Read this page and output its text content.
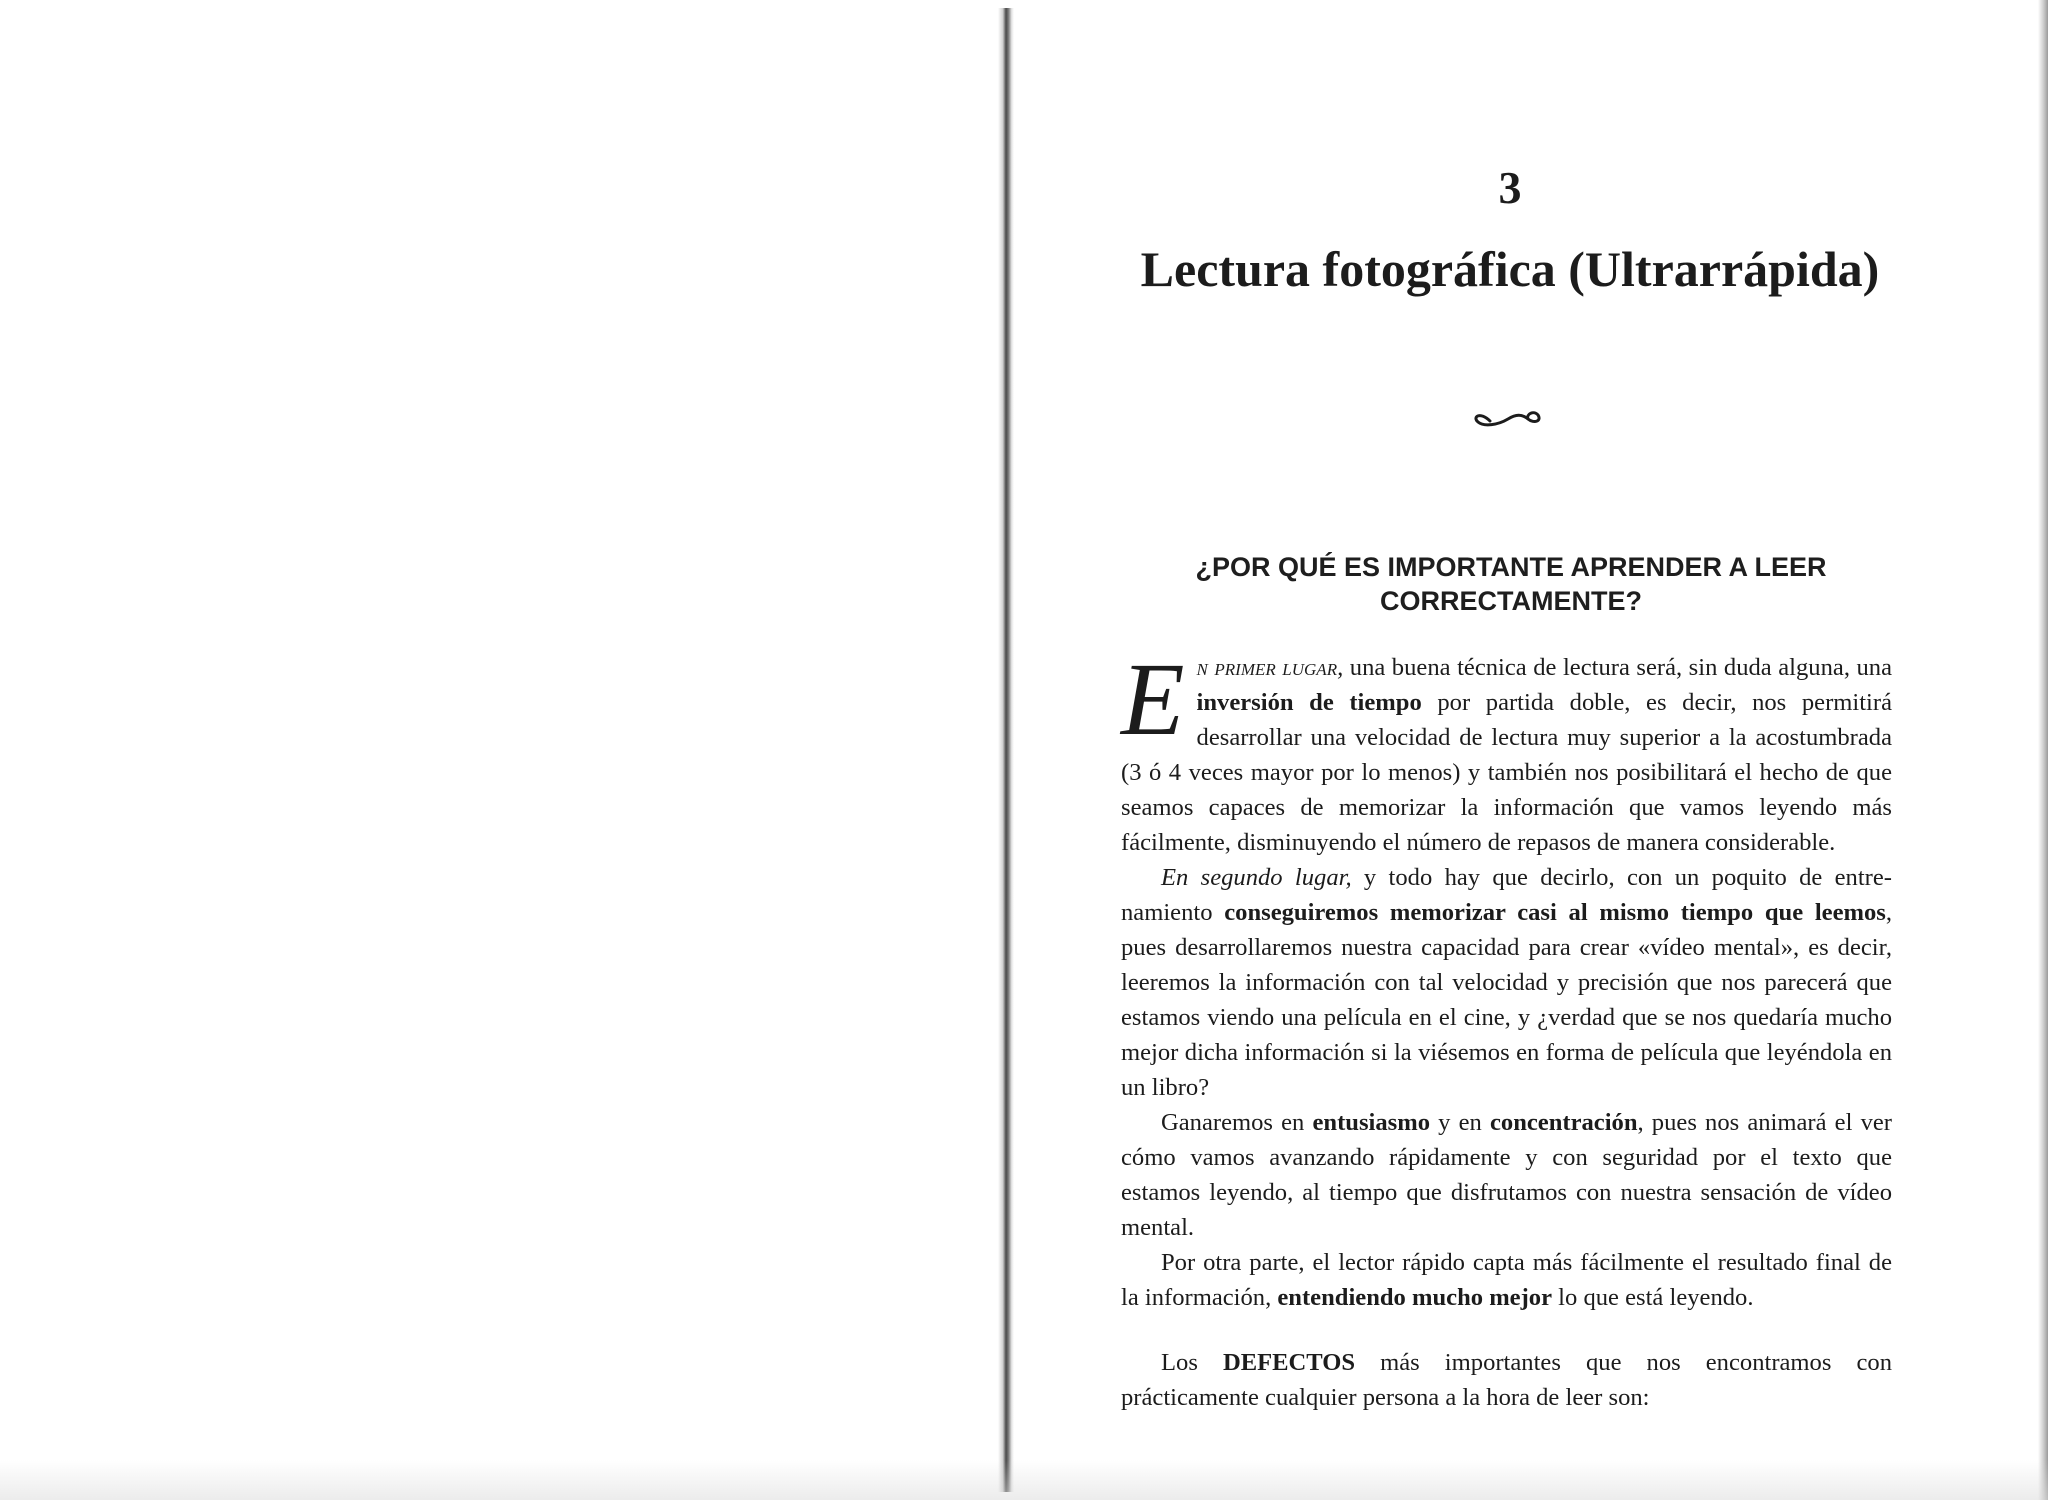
3
Lectura fotográfica (Ultrarrápida)
¿POR QUÉ ES IMPORTANTE APRENDER A LEER
CORRECTAMENTE?

En primer lugar, una buena técnica de lectura será, sin duda alguna, una inversión de tiempo por partida doble, es decir, nos permitirá desarrollar una velocidad de lectura muy superior a la acostumbrada (3 ó 4 veces mayor por lo menos) y también nos posibilitará el hecho de que seamos capaces de memorizar la información que vamos leyendo más fácilmente, disminuyendo el número de repasos de manera considerable.

En segundo lugar, y todo hay que decirlo, con un poquito de entrenamiento conseguiremos memorizar casi al mismo tiempo que leemos, pues desarrollaremos nuestra capacidad para crear «vídeo mental», es decir, leeremos la información con tal velocidad y precisión que nos parecerá que estamos viendo una película en el cine, y ¿verdad que se nos quedaría mucho mejor dicha información si la viésemos en forma de película que leyéndola en un libro?

Ganaremos en entusiasmo y en concentración, pues nos animará el ver cómo vamos avanzando rápidamente y con seguridad por el texto que estamos leyendo, al tiempo que disfrutamos con nuestra sensación de vídeo mental.

Por otra parte, el lector rápido capta más fácilmente el resultado final de la información, entendiendo mucho mejor lo que está leyendo.

Los DEFECTOS más importantes que nos encontramos con prácticamente cualquier persona a la hora de leer son:
